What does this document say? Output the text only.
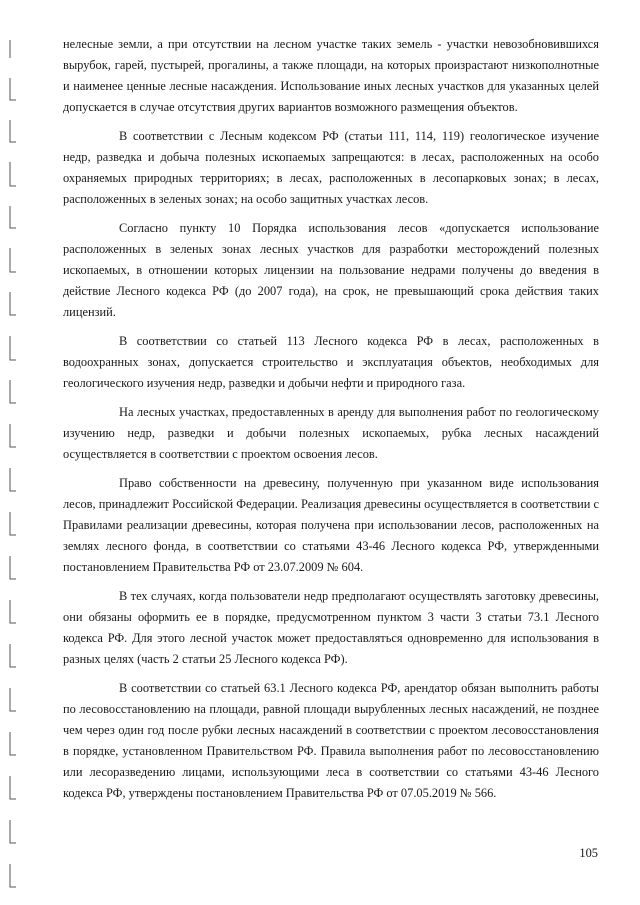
нелесные земли, а при отсутствии на лесном участке таких земель - участки невозобновившихся вырубок, гарей, пустырей, прогалины, а также площади, на которых произрастают низкополнотные и наименее ценные лесные насаждения. Использование иных лесных участков для указанных целей допускается в случае отсутствия других вариантов возможного размещения объектов.

В соответствии с Лесным кодексом РФ (статьи 111, 114, 119) геологическое изучение недр, разведка и добыча полезных ископаемых запрещаются: в лесах, расположенных на особо охраняемых природных территориях; в лесах, расположенных в лесопарковых зонах; в лесах, расположенных в зеленых зонах; на особо защитных участках лесов.

Согласно пункту 10 Порядка использования лесов «допускается использование расположенных в зеленых зонах лесных участков для разработки месторождений полезных ископаемых, в отношении которых лицензии на пользование недрами получены до введения в действие Лесного кодекса РФ (до 2007 года), на срок, не превышающий срока действия таких лицензий.

В соответствии со статьей 113 Лесного кодекса РФ в лесах, расположенных в водоохранных зонах, допускается строительство и эксплуатация объектов, необходимых для геологического изучения недр, разведки и добычи нефти и природного газа.

На лесных участках, предоставленных в аренду для выполнения работ по геологическому изучению недр, разведки и добычи полезных ископаемых, рубка лесных насаждений осуществляется в соответствии с проектом освоения лесов.

Право собственности на древесину, полученную при указанном виде использования лесов, принадлежит Российской Федерации. Реализация древесины осуществляется в соответствии с Правилами реализации древесины, которая получена при использовании лесов, расположенных на землях лесного фонда, в соответствии со статьями 43-46 Лесного кодекса РФ, утвержденными постановлением Правительства РФ от 23.07.2009 № 604.

В тех случаях, когда пользователи недр предполагают осуществлять заготовку древесины, они обязаны оформить ее в порядке, предусмотренном пунктом 3 части 3 статьи 73.1 Лесного кодекса РФ. Для этого лесной участок может предоставляться одновременно для использования в разных целях (часть 2 статьи 25 Лесного кодекса РФ).

В соответствии со статьей 63.1 Лесного кодекса РФ, арендатор обязан выполнить работы по лесовосстановлению на площади, равной площади вырубленных лесных насаждений, не позднее чем через один год после рубки лесных насаждений в соответствии с проектом лесовосстановления в порядке, установленном Правительством РФ. Правила выполнения работ по лесовосстановлению или лесоразведению лицами, использующими леса в соответствии со статьями 43-46 Лесного кодекса РФ, утверждены постановлением Правительства РФ от 07.05.2019 № 566.

105
